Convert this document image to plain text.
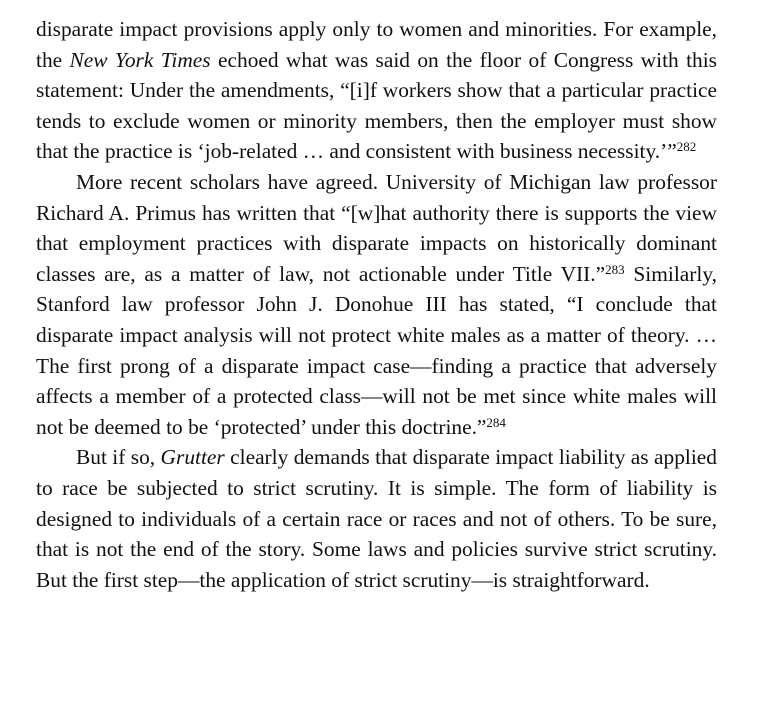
disparate impact provisions apply only to women and minorities. For example, the New York Times echoed what was said on the floor of Congress with this statement: Under the amendments, “[i]f workers show that a particular practice tends to exclude women or minority members, then the employer must show that the practice is ‘job-related … and consistent with business necessity.’”$^{282}$

More recent scholars have agreed. University of Michigan law professor Richard A. Primus has written that “[w]hat authority there is supports the view that employment practices with disparate impacts on historically dominant classes are, as a matter of law, not actionable under Title VII.”$^{283}$ Similarly, Stanford law professor John J. Donohue III has stated, “I conclude that disparate impact analysis will not protect white males as a matter of theory. … The first prong of a disparate impact case—finding a practice that adversely affects a member of a protected class—will not be met since white males will not be deemed to be ‘protected’ under this doctrine.”$^{284}$

But if so, Grutter clearly demands that disparate impact liability as applied to race be subjected to strict scrutiny. It is simple. The form of liability is designed to individuals of a certain race or races and not of others. To be sure, that is not the end of the story. Some laws and policies survive strict scrutiny. But the first step—the application of strict scrutiny—is straightforward.
